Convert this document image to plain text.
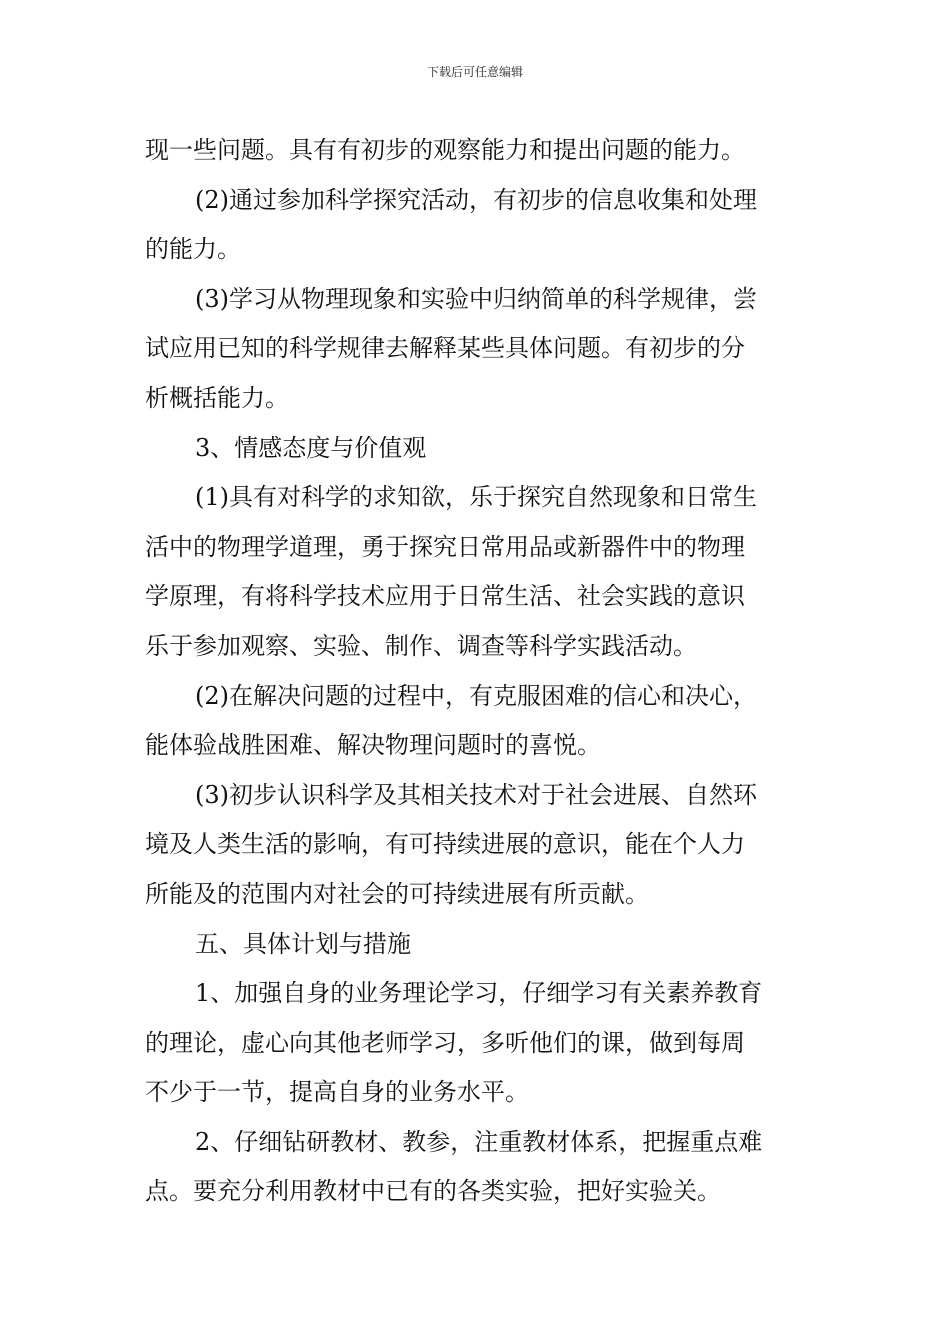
下载后可任意编辑
现一些问题。具有有初步的观察能力和提出问题的能力。
(2)通过参加科学探究活动，有初步的信息收集和处理
的能力。
(3)学习从物理现象和实验中归纳简单的科学规律，尝
试应用已知的科学规律去解释某些具体问题。有初步的分
析概括能力。
3、情感态度与价值观
(1)具有对科学的求知欲，乐于探究自然现象和日常生
活中的物理学道理，勇于探究日常用品或新器件中的物理
学原理，有将科学技术应用于日常生活、社会实践的意识
乐于参加观察、实验、制作、调查等科学实践活动。
(2)在解决问题的过程中，有克服困难的信心和决心，
能体验战胜困难、解决物理问题时的喜悦。
(3)初步认识科学及其相关技术对于社会进展、自然环
境及人类生活的影响，有可持续进展的意识，能在个人力
所能及的范围内对社会的可持续进展有所贡献。
五、具体计划与措施
1、加强自身的业务理论学习，仔细学习有关素养教育
的理论，虚心向其他老师学习，多听他们的课，做到每周
不少于一节，提高自身的业务水平。
2、仔细钻研教材、教参，注重教材体系，把握重点难
点。要充分利用教材中已有的各类实验，把好实验关。
